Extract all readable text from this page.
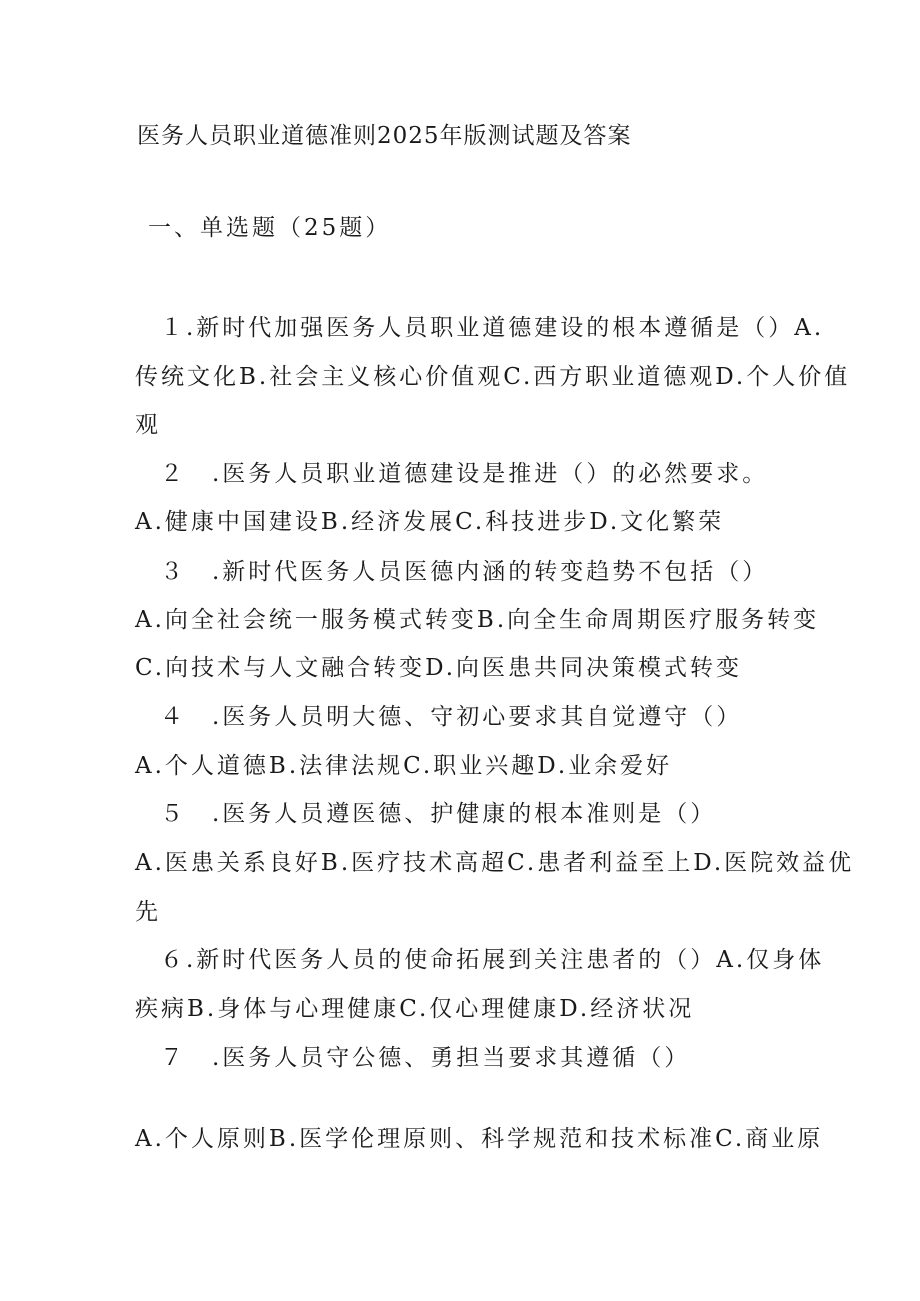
医务人员职业道德准则2025年版测试题及答案
一、单选题（25题）
１.新时代加强医务人员职业道德建设的根本遵循是（）A.
传统文化B.社会主义核心价值观C.西方职业道德观D.个人价值
观
２　.医务人员职业道德建设是推进（）的必然要求。
A.健康中国建设B.经济发展C.科技进步D.文化繁荣
３　.新时代医务人员医德内涵的转变趋势不包括（）
A.向全社会统一服务模式转变B.向全生命周期医疗服务转变
C.向技术与人文融合转变D.向医患共同决策模式转变
４　.医务人员明大德、守初心要求其自觉遵守（）
A.个人道德B.法律法规C.职业兴趣D.业余爱好
５　.医务人员遵医德、护健康的根本准则是（）
A.医患关系良好B.医疗技术高超C.患者利益至上D.医院效益优
先
６.新时代医务人员的使命拓展到关注患者的（）A.仅身体
疾病B.身体与心理健康C.仅心理健康D.经济状况
７　.医务人员守公德、勇担当要求其遵循（）
A.个人原则B.医学伦理原则、科学规范和技术标准C.商业原
